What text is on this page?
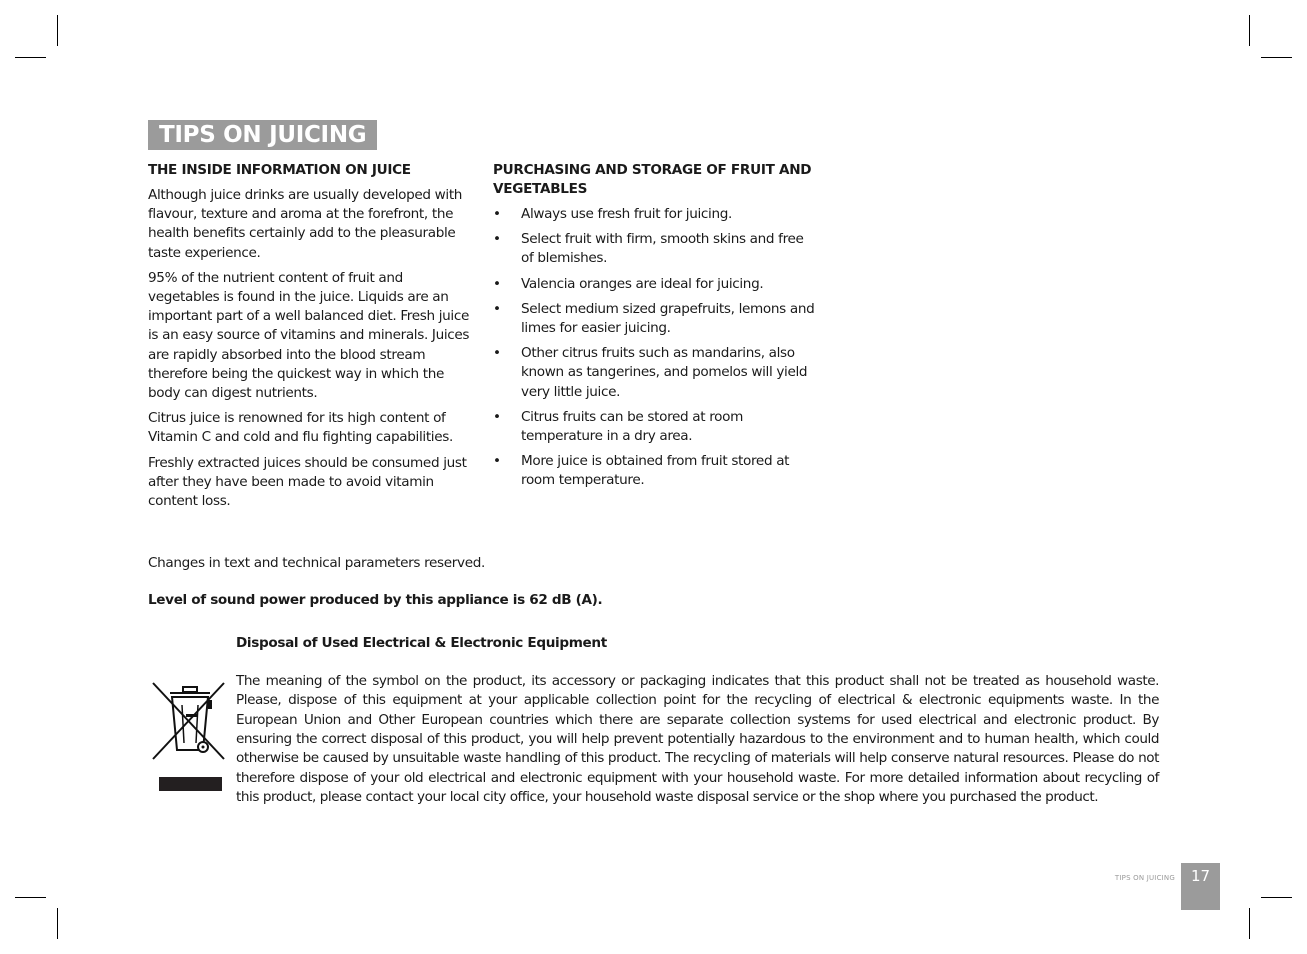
TIPS ON JUICING
THE INSIDE INFORMATION ON JUICE

Although juice drinks are usually developed with flavour, texture and aroma at the forefront, the health benefits certainly add to the pleasurable taste experience.

95% of the nutrient content of fruit and vegetables is found in the juice. Liquids are an important part of a well balanced diet. Fresh juice is an easy source of vitamins and minerals. Juices are rapidly absorbed into the blood stream therefore being the quickest way in which the body can digest nutrients.

Citrus juice is renowned for its high content of Vitamin C and cold and flu fighting capabilities.

Freshly extracted juices should be consumed just after they have been made to avoid vitamin content loss.

PURCHASING AND STORAGE OF FRUIT AND VEGETABLES
• Always use fresh fruit for juicing.
• Select fruit with firm, smooth skins and free of blemishes.
• Valencia oranges are ideal for juicing.
• Select medium sized grapefruits, lemons and limes for easier juicing.
• Other citrus fruits such as mandarins, also known as tangerines, and pomelos will yield very little juice.
• Citrus fruits can be stored at room temperature in a dry area.
• More juice is obtained from fruit stored at room temperature.
Changes in text and technical parameters reserved.
Level of sound power produced by this appliance is 62 dB (A).
Disposal of Used Electrical & Electronic Equipment
The meaning of the symbol on the product, its accessory or packaging indicates that this product shall not be treated as household waste. Please, dispose of this equipment at your applicable collection point for the recycling of electrical & electronic equipments waste. In the European Union and Other European countries which there are separate collection systems for used electrical and electronic product. By ensuring the correct disposal of this product, you will help prevent potentially hazardous to the environment and to human health, which could otherwise be caused by unsuitable waste handling of this product. The recycling of materials will help conserve natural resources. Please do not therefore dispose of your old electrical and electronic equipment with your household waste. For more detailed information about recycling of this product, please contact your local city office, your household waste disposal service or the shop where you purchased the product.
TIPS ON JUICING	17
